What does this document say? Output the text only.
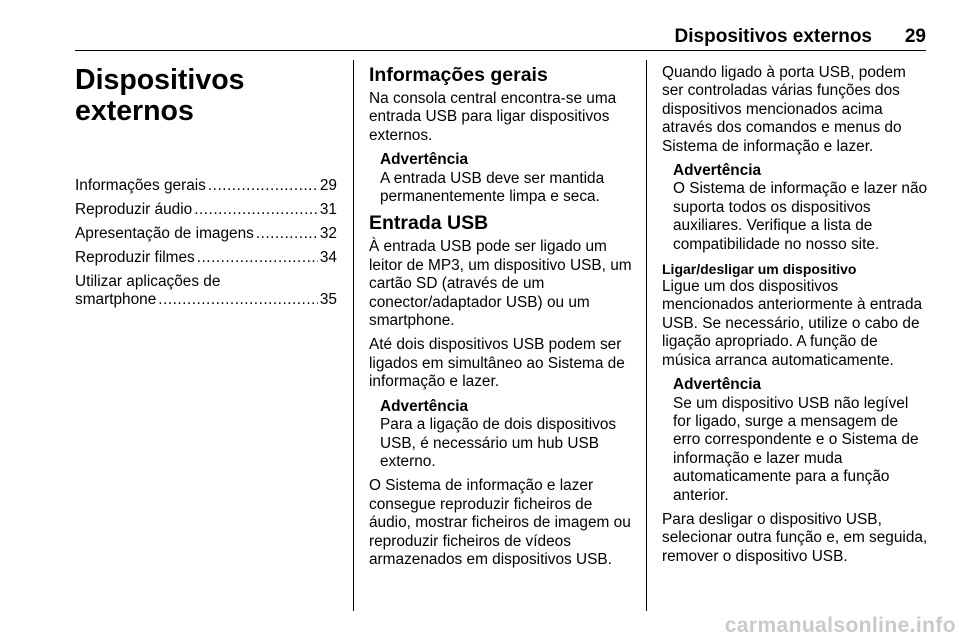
Dispositivos externos 29
Dispositivos
externos
Informações gerais .....	29
Reproduzir áudio .....	31
Apresentação de imagens .....	32
Reproduzir filmes .....	34
Utilizar aplicações de
smartphone .....	35
Informações gerais

Na consola central encontra-se uma entrada USB para ligar dispositivos externos.

Advertência
A entrada USB deve ser mantida permanentemente limpa e seca.
Entrada USB

À entrada USB pode ser ligado um leitor de MP3, um dispositivo USB, um cartão SD (através de um conector/adaptador USB) ou um smartphone.

Até dois dispositivos USB podem ser ligados em simultâneo ao Sistema de informação e lazer.

Advertência
Para a ligação de dois dispositivos USB, é necessário um hub USB externo.

O Sistema de informação e lazer consegue reproduzir ficheiros de áudio, mostrar ficheiros de imagem ou reproduzir ficheiros de vídeos armazenados em dispositivos USB.

Quando ligado à porta USB, podem ser controladas várias funções dos dispositivos mencionados acima através dos comandos e menus do Sistema de informação e lazer.

Advertência
O Sistema de informação e lazer não suporta todos os dispositivos auxiliares. Verifique a lista de compatibilidade no nosso site.
Ligar/desligar um dispositivo

Ligue um dos dispositivos mencionados anteriormente à entrada USB. Se necessário, utilize o cabo de ligação apropriado. A função de música arranca automaticamente.

Advertência
Se um dispositivo USB não legível for ligado, surge a mensagem de erro correspondente e o Sistema de informação e lazer muda automaticamente para a função anterior.

Para desligar o dispositivo USB, selecionar outra função e, em seguida, remover o dispositivo USB.

carmanualsonline.info
